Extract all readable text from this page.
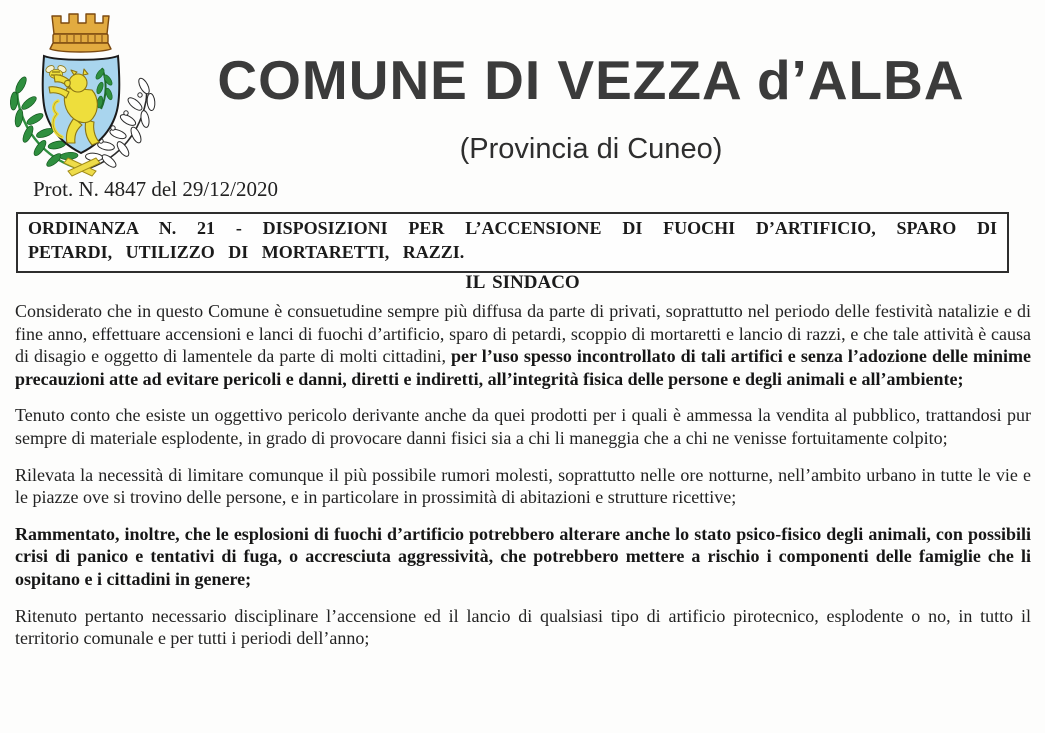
COMUNE DI VEZZA d’ALBA
(Provincia di Cuneo)
Prot. N. 4847 del 29/12/2020
ORDINANZA N. 21 - DISPOSIZIONI PER L’ACCENSIONE DI FUOCHI D’ARTIFICIO, SPARO DI PETARDI, UTILIZZO DI MORTARETTI, RAZZI.
IL SINDACO

Considerato che in questo Comune è consuetudine sempre più diffusa da parte di privati, soprattutto nel periodo delle festività natalizie e di fine anno, effettuare accensioni e lanci di fuochi d’artificio, sparo di petardi, scoppio di mortaretti e lancio di razzi, e che tale attività è causa di disagio e oggetto di lamentele da parte di molti cittadini, per l’uso spesso incontrollato di tali artifici e senza l’adozione delle minime precauzioni atte ad evitare pericoli e danni, diretti e indiretti, all’integrità fisica delle persone e degli animali e all’ambiente;

Tenuto conto che esiste un oggettivo pericolo derivante anche da quei prodotti per i quali è ammessa la vendita al pubblico, trattandosi pur sempre di materiale esplodente, in grado di provocare danni fisici sia a chi li maneggia che a chi ne venisse fortuitamente colpito;

Rilevata la necessità di limitare comunque il più possibile rumori molesti, soprattutto nelle ore notturne, nell’ambito urbano in tutte le vie e le piazze ove si trovino delle persone, e in particolare in prossimità di abitazioni e strutture ricettive;

Rammentato, inoltre, che le esplosioni di fuochi d’artificio potrebbero alterare anche lo stato psico-fisico degli animali, con possibili crisi di panico e tentativi di fuga, o accresciuta aggressività, che potrebbero mettere a rischio i componenti delle famiglie che li ospitano e i cittadini in genere;

Ritenuto pertanto necessario disciplinare l’accensione ed il lancio di qualsiasi tipo di artificio pirotecnico, esplodente o no, in tutto il territorio comunale e per tutti i periodi dell’anno;
